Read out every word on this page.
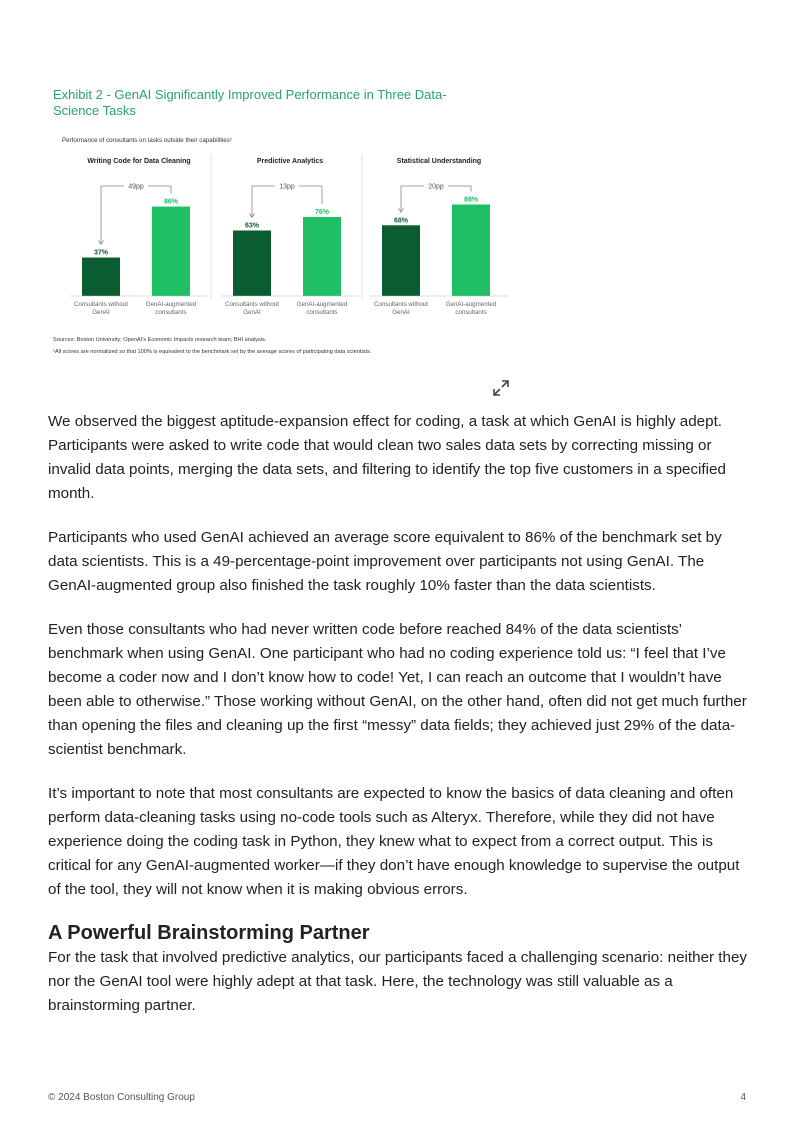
Exhibit 2 - GenAI Significantly Improved Performance in Three Data-Science Tasks
Performance of consultants on tasks outside their capabilities¹
Writing Code for Data Cleaning
37%
86%
49pp
Consultants without GenAI
GenAI-augmented consultants
Predictive Analytics
63%
76%
13pp
Consultants without GenAI
GenAI-augmented consultants
Statistical Understanding
68%
88%
20pp
Consultants without GenAI
GenAI-augmented consultants
Sources: Boston University; OpenAI's Economic Impacts research team; BHI analysis.
¹All scores are normalized so that 100% is equivalent to the benchmark set by the average scores of participating data scientists.

We observed the biggest aptitude-expansion effect for coding, a task at which GenAI is highly adept. Participants were asked to write code that would clean two sales data sets by correcting missing or invalid data points, merging the data sets, and filtering to identify the top five customers in a specified month.

Participants who used GenAI achieved an average score equivalent to 86% of the benchmark set by data scientists. This is a 49-percentage-point improvement over participants not using GenAI. The GenAI-augmented group also finished the task roughly 10% faster than the data scientists.

Even those consultants who had never written code before reached 84% of the data scientists’ benchmark when using GenAI. One participant who had no coding experience told us: “I feel that I’ve become a coder now and I don’t know how to code! Yet, I can reach an outcome that I wouldn’t have been able to otherwise.” Those working without GenAI, on the other hand, often did not get much further than opening the files and cleaning up the first “messy” data fields; they achieved just 29% of the data-scientist benchmark.

It’s important to note that most consultants are expected to know the basics of data cleaning and often perform data-cleaning tasks using no-code tools such as Alteryx. Therefore, while they did not have experience doing the coding task in Python, they knew what to expect from a correct output. This is critical for any GenAI-augmented worker—if they don’t have enough knowledge to supervise the output of the tool, they will not know when it is making obvious errors.

A Powerful Brainstorming Partner

For the task that involved predictive analytics, our participants faced a challenging scenario: neither they nor the GenAI tool were highly adept at that task. Here, the technology was still valuable as a brainstorming partner.

© 2024 Boston Consulting Group	4
